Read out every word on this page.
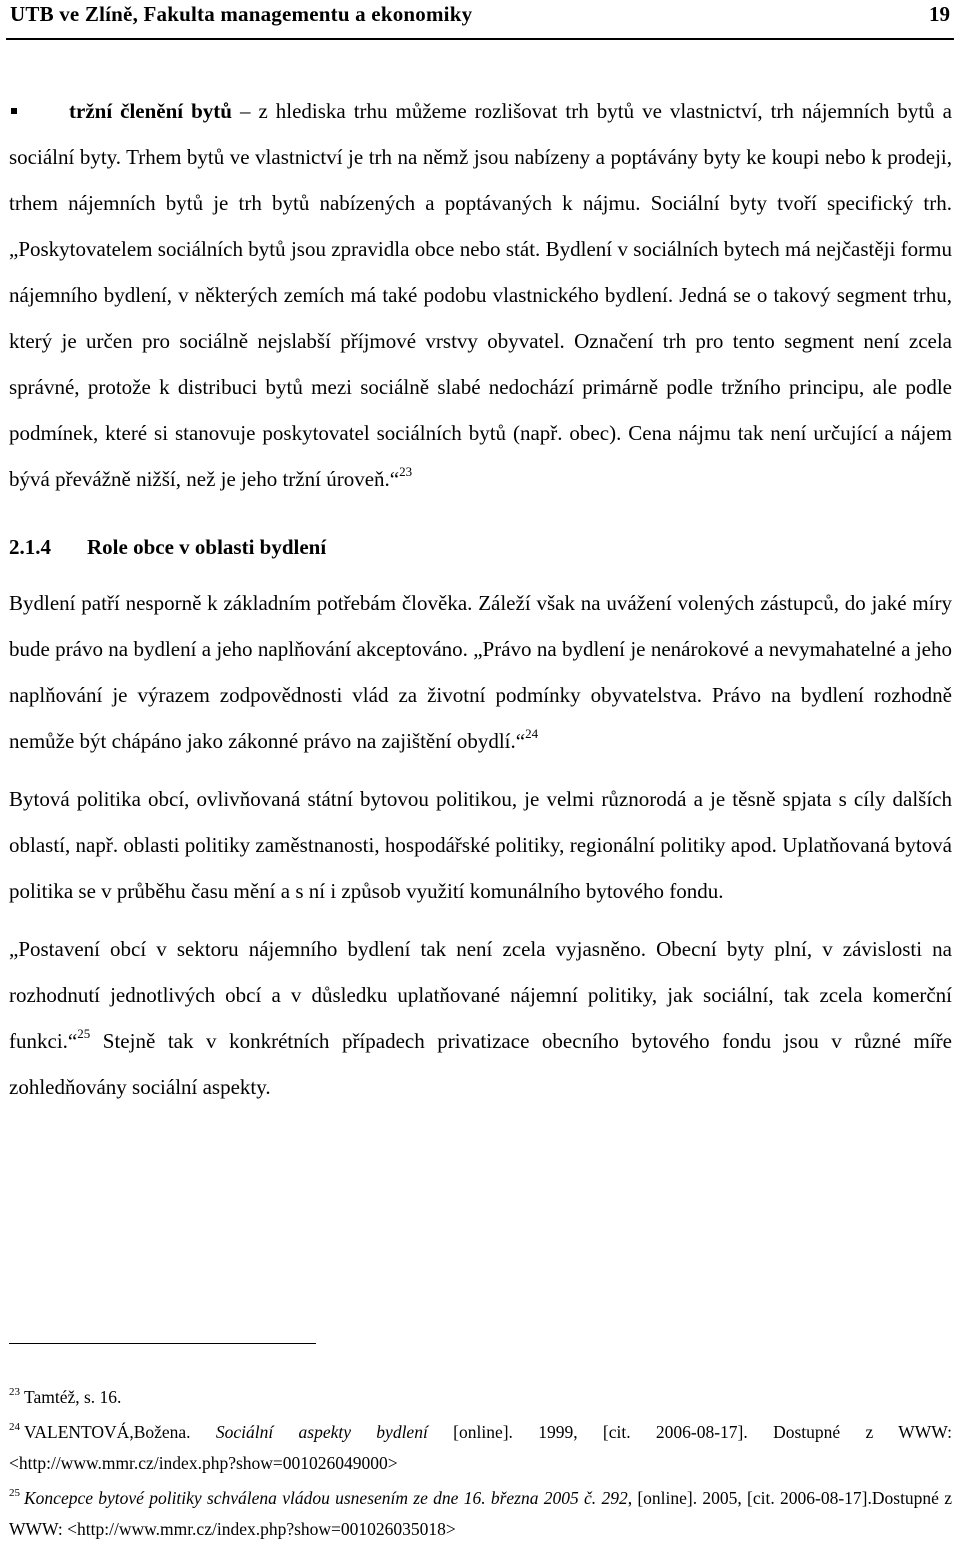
UTB ve Zlíně, Fakulta managementu a ekonomiky	19

tržní členění bytů – z hlediska trhu můžeme rozlišovat trh bytů ve vlastnictví, trh nájemních bytů a sociální byty. Trhem bytů ve vlastnictví je trh na němž jsou nabízeny a poptávány byty ke koupi nebo k prodeji, trhem nájemních bytů je trh bytů nabízených a poptávaných k nájmu. Sociální byty tvoří specifický trh. „Poskytovatelem sociálních bytů jsou zpravidla obce nebo stát. Bydlení v sociálních bytech má nejčastěji formu nájemního bydlení, v některých zemích má také podobu vlastnického bydlení. Jedná se o takový segment trhu, který je určen pro sociálně nejslabší příjmové vrstvy obyvatel. Označení trh pro tento segment není zcela správné, protože k distribuci bytů mezi sociálně slabé nedochází primárně podle tržního principu, ale podle podmínek, které si stanovuje poskytovatel sociálních bytů (např. obec). Cena nájmu tak není určující a nájem bývá převážně nižší, než je jeho tržní úroveň.“$^{23}$

2.1.4 Role obce v oblasti bydlení

Bydlení patří nesporně k základním potřebám člověka. Záleží však na uvážení volených zástupců, do jaké míry bude právo na bydlení a jeho naplňování akceptováno. „Právo na bydlení je nenárokové a nevymahatelné a jeho naplňování je výrazem zodpovědnosti vlád za životní podmínky obyvatelstva. Právo na bydlení rozhodně nemůže být chápáno jako zákonné právo na zajištění obydlí.“$^{24}$

Bytová politika obcí, ovlivňovaná státní bytovou politikou, je velmi různorodá a je těsně spjata s cíly dalších oblastí, např. oblasti politiky zaměstnanosti, hospodářské politiky, regionální politiky apod. Uplatňovaná bytová politika se v průběhu času mění a s ní i způsob využití komunálního bytového fondu.

„Postavení obcí v sektoru nájemního bydlení tak není zcela vyjasněno. Obecní byty plní, v závislosti na rozhodnutí jednotlivých obcí a v důsledku uplatňované nájemní politiky, jak sociální, tak zcela komerční funkci.“$^{25}$ Stejně tak v konkrétních případech privatizace obecního bytového fondu jsou v různé míře zohledňovány sociální aspekty.

$^{23}$ Tamtéž, s. 16.
$^{24}$ VALENTOVÁ,Božena. Sociální aspekty bydlení [online]. 1999, [cit. 2006-08-17]. Dostupné z WWW: <http://www.mmr.cz/index.php?show=001026049000>
$^{25}$ Koncepce bytové politiky schválena vládou usnesením ze dne 16. března 2005 č. 292, [online]. 2005, [cit. 2006-08-17].Dostupné z WWW: <http://www.mmr.cz/index.php?show=001026035018>
